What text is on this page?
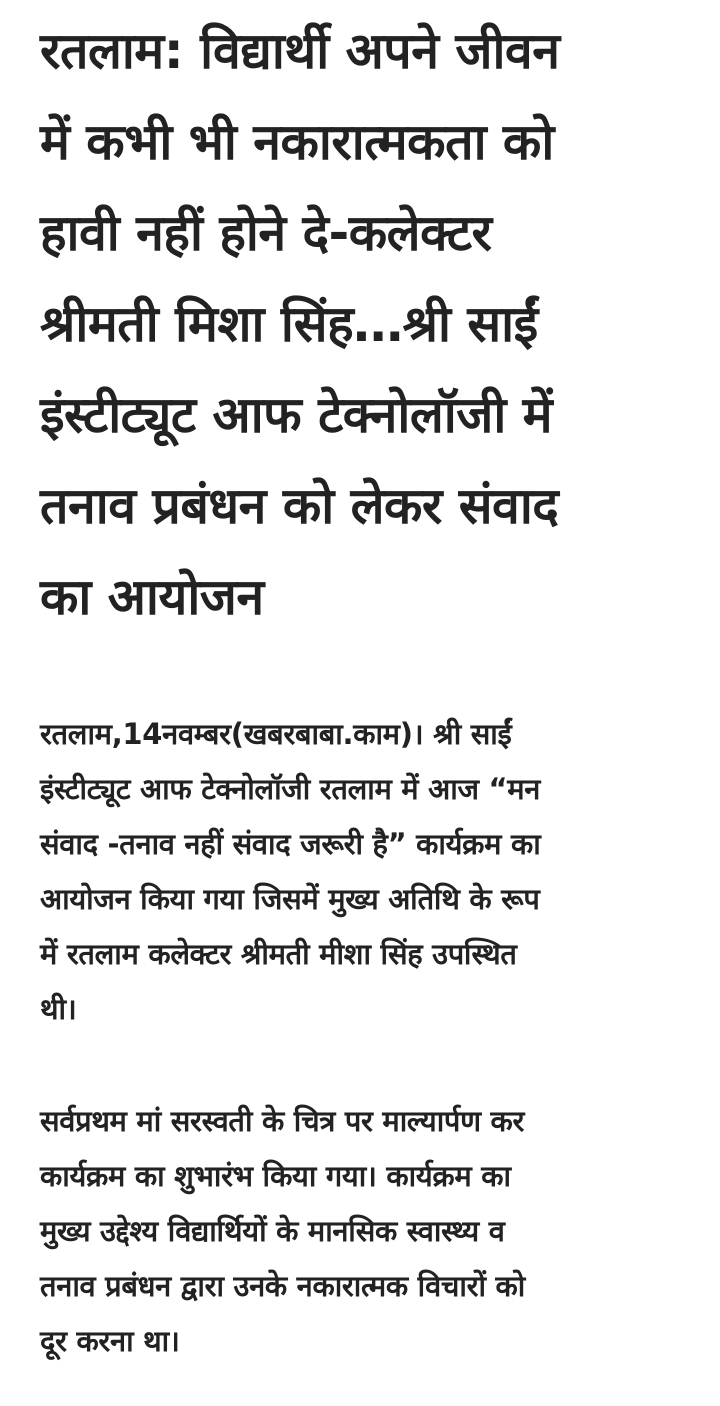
रतलाम: विद्यार्थी अपने जीवन
में कभी भी नकारात्मकता को
हावी नहीं होने दे-कलेक्टर
श्रीमती मिशा सिंह…श्री साईं
इंस्टीट्यूट आफ टेक्नोलॉजी में
तनाव प्रबंधन को लेकर संवाद
का आयोजन

रतलाम,14नवम्बर(खबरबाबा.काम)। श्री साईं
इंस्टीट्यूट आफ टेक्नोलॉजी रतलाम में आज “मन
संवाद -तनाव नहीं संवाद जरूरी है” कार्यक्रम का
आयोजन किया गया जिसमें मुख्य अतिथि के रूप
में रतलाम कलेक्टर श्रीमती मीशा सिंह उपस्थित
थी।

सर्वप्रथम मां सरस्वती के चित्र पर माल्यार्पण कर
कार्यक्रम का शुभारंभ किया गया। कार्यक्रम का
मुख्य उद्देश्य विद्यार्थियों के मानसिक स्वास्थ्य व
तनाव प्रबंधन द्वारा उनके नकारात्मक विचारों को
दूर करना था।
